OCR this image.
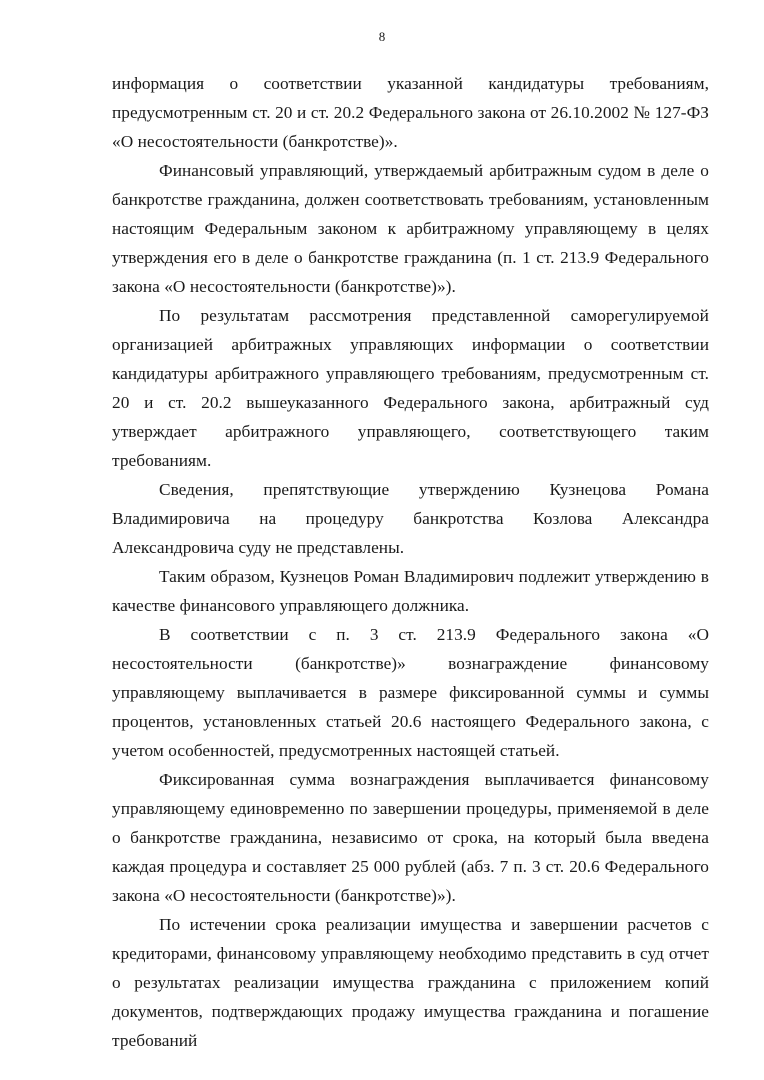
8

информация о соответствии указанной кандидатуры требованиям, предусмотренным ст. 20 и ст. 20.2 Федерального закона от 26.10.2002 № 127-ФЗ «О несостоятельности (банкротстве)».

Финансовый управляющий, утверждаемый арбитражным судом в деле о банкротстве гражданина, должен соответствовать требованиям, установленным настоящим Федеральным законом к арбитражному управляющему в целях утверждения его в деле о банкротстве гражданина (п. 1 ст. 213.9 Федерального закона «О несостоятельности (банкротстве)»).

По результатам рассмотрения представленной саморегулируемой организацией арбитражных управляющих информации о соответствии кандидатуры арбитражного управляющего требованиям, предусмотренным ст. 20 и ст. 20.2 вышеуказанного Федерального закона, арбитражный суд утверждает арбитражного управляющего, соответствующего таким требованиям.

Сведения, препятствующие утверждению Кузнецова Романа Владимировича на процедуру банкротства Козлова Александра Александровича суду не представлены.

Таким образом, Кузнецов Роман Владимирович подлежит утверждению в качестве финансового управляющего должника.

В соответствии с п. 3 ст. 213.9 Федерального закона «О несостоятельности (банкротстве)» вознаграждение финансовому управляющему выплачивается в размере фиксированной суммы и суммы процентов, установленных статьей 20.6 настоящего Федерального закона, с учетом особенностей, предусмотренных настоящей статьей.

Фиксированная сумма вознаграждения выплачивается финансовому управляющему единовременно по завершении процедуры, применяемой в деле о банкротстве гражданина, независимо от срока, на который была введена каждая процедура и составляет 25 000 рублей (абз. 7 п. 3 ст. 20.6 Федерального закона «О несостоятельности (банкротстве)»).

По истечении срока реализации имущества и завершении расчетов с кредиторами, финансовому управляющему необходимо представить в суд отчет о результатах реализации имущества гражданина с приложением копий документов, подтверждающих продажу имущества гражданина и погашение требований
